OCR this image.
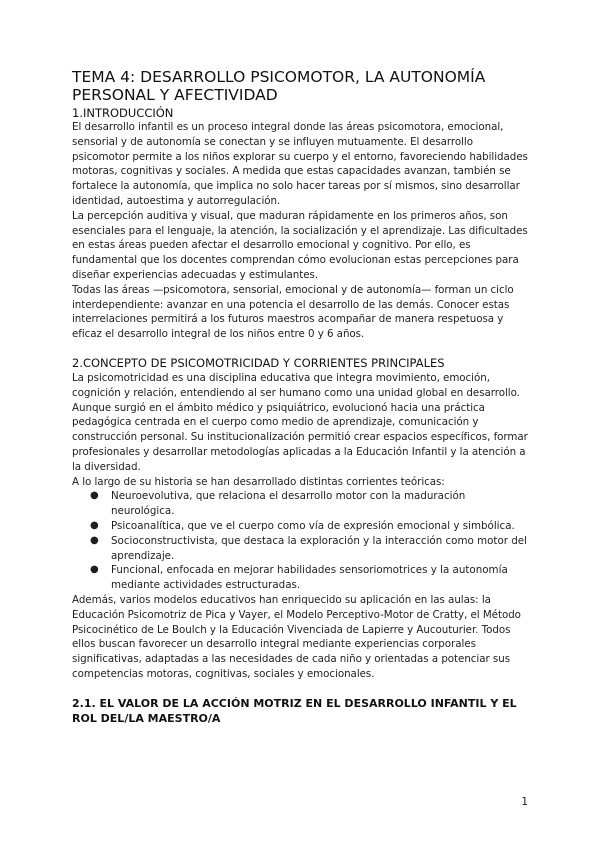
TEMA 4: DESARROLLO PSICOMOTOR, LA AUTONOMÍA PERSONAL Y AFECTIVIDAD
1.INTRODUCCIÓN

El desarrollo infantil es un proceso integral donde las áreas psicomotora, emocional, sensorial y de autonomía se conectan y se influyen mutuamente. El desarrollo psicomotor permite a los niños explorar su cuerpo y el entorno, favoreciendo habilidades motoras, cognitivas y sociales. A medida que estas capacidades avanzan, también se fortalece la autonomía, que implica no solo hacer tareas por sí mismos, sino desarrollar identidad, autoestima y autorregulación.

La percepción auditiva y visual, que maduran rápidamente en los primeros años, son esenciales para el lenguaje, la atención, la socialización y el aprendizaje. Las dificultades en estas áreas pueden afectar el desarrollo emocional y cognitivo. Por ello, es fundamental que los docentes comprendan cómo evolucionan estas percepciones para diseñar experiencias adecuadas y estimulantes.

Todas las áreas —psicomotora, sensorial, emocional y de autonomía— forman un ciclo interdependiente: avanzar en una potencia el desarrollo de las demás. Conocer estas interrelaciones permitirá a los futuros maestros acompañar de manera respetuosa y eficaz el desarrollo integral de los niños entre 0 y 6 años.

2.CONCEPTO DE PSICOMOTRICIDAD Y CORRIENTES PRINCIPALES

La psicomotricidad es una disciplina educativa que integra movimiento, emoción, cognición y relación, entendiendo al ser humano como una unidad global en desarrollo. Aunque surgió en el ámbito médico y psiquiátrico, evolucionó hacia una práctica pedagógica centrada en el cuerpo como medio de aprendizaje, comunicación y construcción personal. Su institucionalización permitió crear espacios específicos, formar profesionales y desarrollar metodologías aplicadas a la Educación Infantil y la atención a la diversidad.

A lo largo de su historia se han desarrollado distintas corrientes teóricas:

● Neuroevolutiva, que relaciona el desarrollo motor con la maduración neurológica.
● Psicoanalítica, que ve el cuerpo como vía de expresión emocional y simbólica.
● Socioconstructivista, que destaca la exploración y la interacción como motor del aprendizaje.
● Funcional, enfocada en mejorar habilidades sensoriomotrices y la autonomía mediante actividades estructuradas.

Además, varios modelos educativos han enriquecido su aplicación en las aulas: la Educación Psicomotriz de Pica y Vayer, el Modelo Perceptivo-Motor de Cratty, el Método Psicocinético de Le Boulch y la Educación Vivenciada de Lapierre y Aucouturier. Todos ellos buscan favorecer un desarrollo integral mediante experiencias corporales significativas, adaptadas a las necesidades de cada niño y orientadas a potenciar sus competencias motoras, cognitivas, sociales y emocionales.

2.1. EL VALOR DE LA ACCIÓN MOTRIZ EN EL DESARROLLO INFANTIL Y EL ROL DEL/LA MAESTRO/A
1
